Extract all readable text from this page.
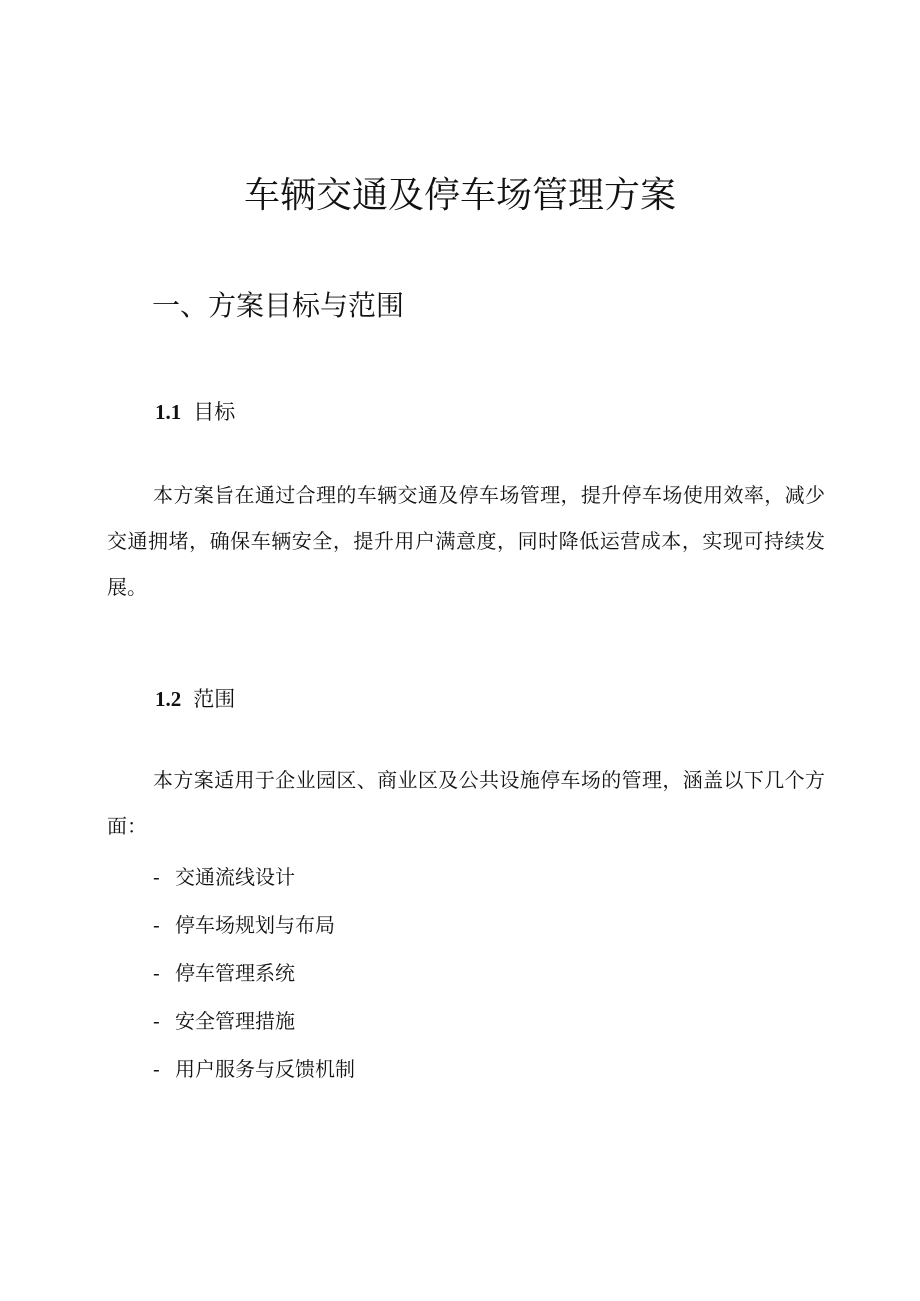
车辆交通及停车场管理方案
一、方案目标与范围
1.1 目标

本方案旨在通过合理的车辆交通及停车场管理，提升停车场使用效率，减少交通拥堵，确保车辆安全，提升用户满意度，同时降低运营成本，实现可持续发展。

1.2 范围

本方案适用于企业园区、商业区及公共设施停车场的管理，涵盖以下几个方面：

- 交通流线设计
- 停车场规划与布局
- 停车管理系统
- 安全管理措施
- 用户服务与反馈机制
